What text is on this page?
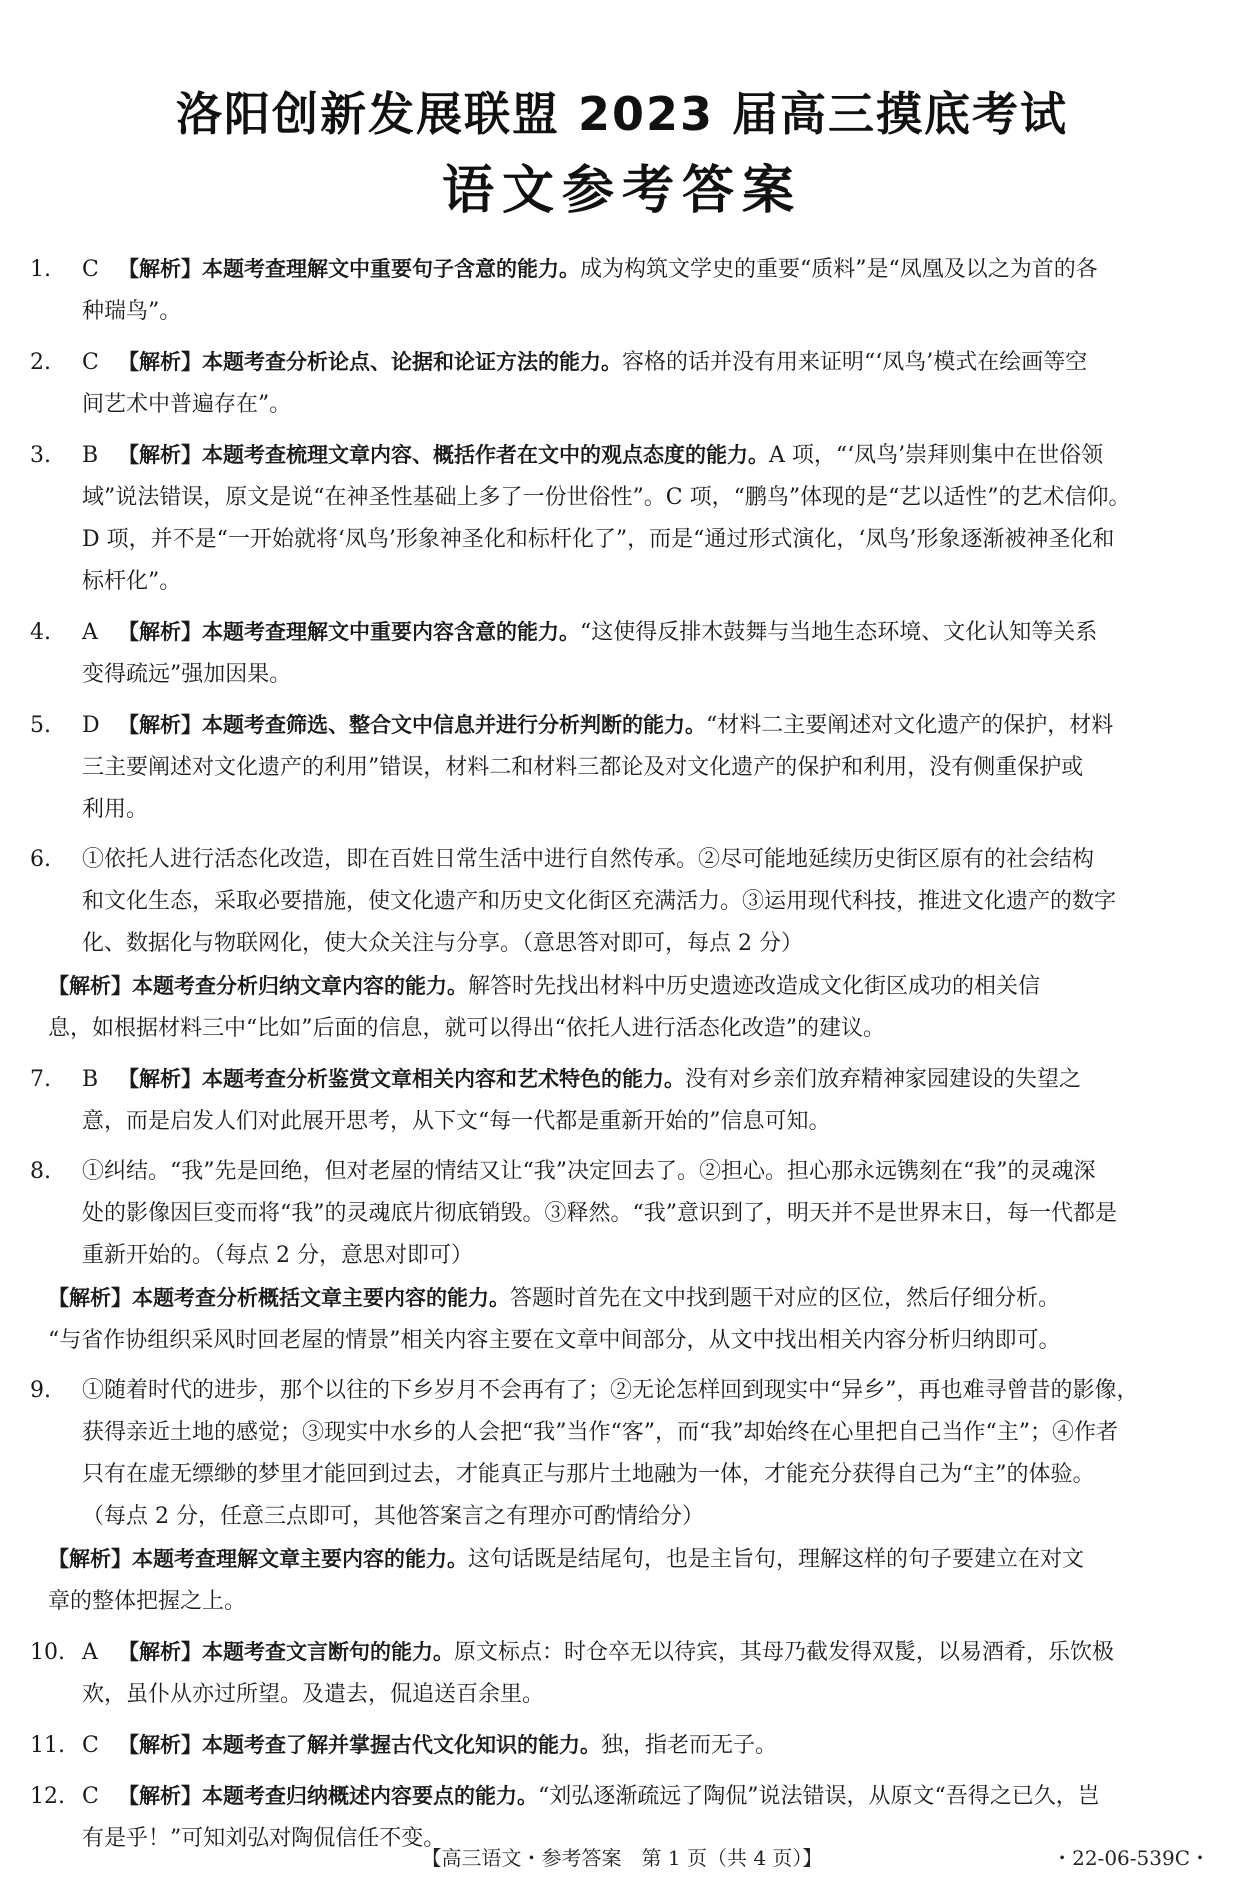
洛阳创新发展联盟 2023 届高三摸底考试
语文参考答案
1. C 【解析】本题考查理解文中重要句子含意的能力。成为构筑文学史的重要“质料”是“凤凰及以之为首的各
种瑞鸟”。
2. C 【解析】本题考查分析论点、论据和论证方法的能力。容格的话并没有用来证明“‘凤鸟’模式在绘画等空
间艺术中普遍存在”。
3. B 【解析】本题考查梳理文章内容、概括作者在文中的观点态度的能力。A 项，“‘凤鸟’崇拜则集中在世俗领
域”说法错误，原文是说“在神圣性基础上多了一份世俗性”。C 项，“鹏鸟”体现的是“艺以适性”的艺术信仰。
D 项，并不是“一开始就将‘凤鸟’形象神圣化和标杆化了”，而是“通过形式演化，‘凤鸟’形象逐渐被神圣化和
标杆化”。
4. A 【解析】本题考查理解文中重要内容含意的能力。“这使得反排木鼓舞与当地生态环境、文化认知等关系
变得疏远”强加因果。
5. D 【解析】本题考查筛选、整合文中信息并进行分析判断的能力。“材料二主要阐述对文化遗产的保护，材料
三主要阐述对文化遗产的利用”错误，材料二和材料三都论及对文化遗产的保护和利用，没有侧重保护或
利用。
6. ①依托人进行活态化改造，即在百姓日常生活中进行自然传承。②尽可能地延续历史街区原有的社会结构
和文化生态，采取必要措施，使文化遗产和历史文化街区充满活力。③运用现代科技，推进文化遗产的数字
化、数据化与物联网化，使大众关注与分享。（意思答对即可，每点 2 分）
【解析】本题考查分析归纳文章内容的能力。解答时先找出材料中历史遗迹改造成文化街区成功的相关信
息，如根据材料三中“比如”后面的信息，就可以得出“依托人进行活态化改造”的建议。
7. B 【解析】本题考查分析鉴赏文章相关内容和艺术特色的能力。没有对乡亲们放弃精神家园建设的失望之
意，而是启发人们对此展开思考，从下文“每一代都是重新开始的”信息可知。
8. ①纠结。“我”先是回绝，但对老屋的情结又让“我”决定回去了。②担心。担心那永远镌刻在“我”的灵魂深
处的影像因巨变而将“我”的灵魂底片彻底销毁。③释然。“我”意识到了，明天并不是世界末日，每一代都是
重新开始的。（每点 2 分，意思对即可）
【解析】本题考查分析概括文章主要内容的能力。答题时首先在文中找到题干对应的区位，然后仔细分析。
“与省作协组织采风时回老屋的情景”相关内容主要在文章中间部分，从文中找出相关内容分析归纳即可。
9. ①随着时代的进步，那个以往的下乡岁月不会再有了；②无论怎样回到现实中“异乡”，再也难寻曾昔的影像，
获得亲近土地的感觉；③现实中水乡的人会把“我”当作“客”，而“我”却始终在心里把自己当作“主”；④作者
只有在虚无缥缈的梦里才能回到过去，才能真正与那片土地融为一体，才能充分获得自己为“主”的体验。
（每点 2 分，任意三点即可，其他答案言之有理亦可酌情给分）
【解析】本题考查理解文章主要内容的能力。这句话既是结尾句，也是主旨句，理解这样的句子要建立在对文
章的整体把握之上。
10. A 【解析】本题考查文言断句的能力。原文标点：时仓卒无以待宾，其母乃截发得双髲，以易酒肴，乐饮极
欢，虽仆从亦过所望。及遣去，侃追送百余里。
11. C 【解析】本题考查了解并掌握古代文化知识的能力。独，指老而无子。
12. C 【解析】本题考查归纳概述内容要点的能力。“刘弘逐渐疏远了陶侃”说法错误，从原文“吾得之已久，岂
有是乎！”可知刘弘对陶侃信任不变。
【高三语文・参考答案　第 1 页（共 4 页）】	・22-06-539C・
